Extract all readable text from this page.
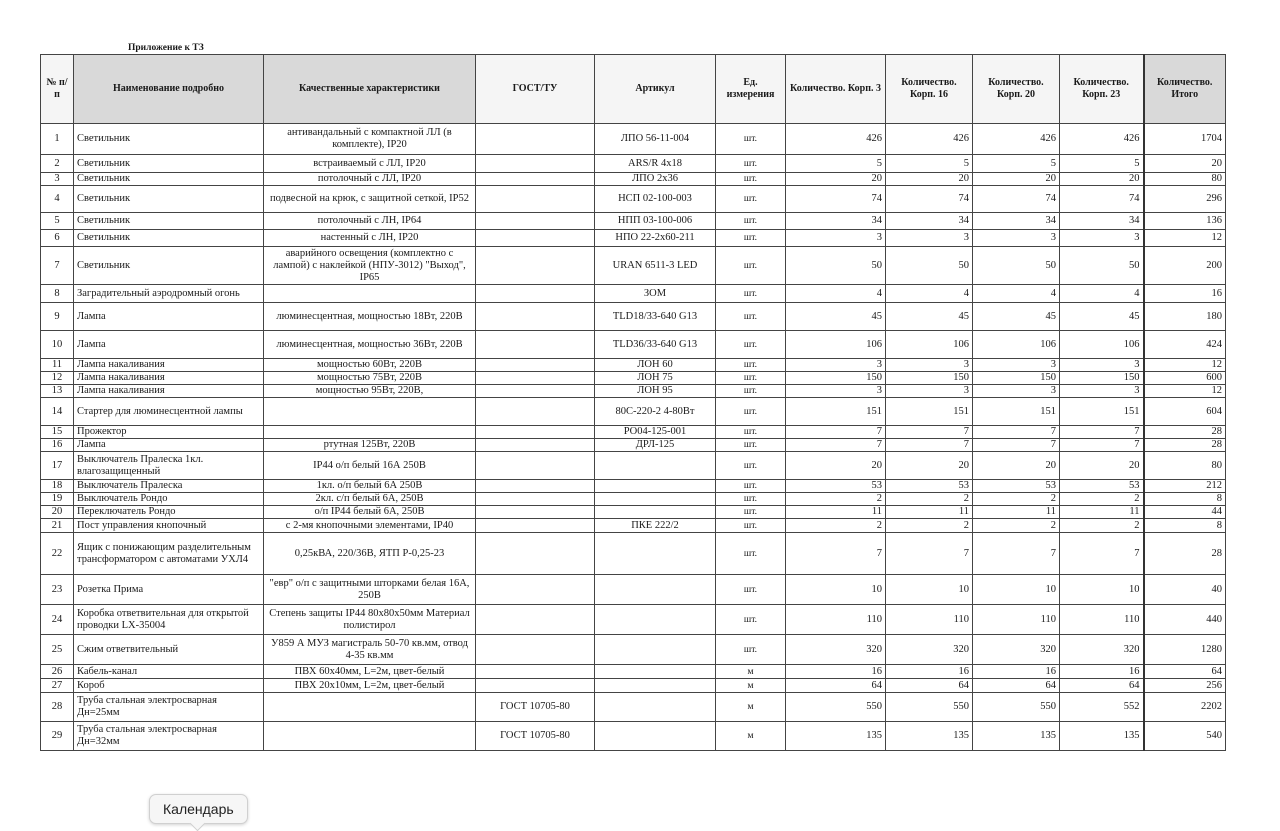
Приложение к ТЗ
№ п/п	Наименование подробно	Качественные характеристики	ГОСТ/ТУ	Артикул	Ед. измерения	Количество. Корп. 3	Количество. Корп. 16	Количество. Корп. 20	Количество. Корп. 23	Количество. Итого
1	Светильник	антивандальный с компактной ЛЛ (в комплекте), IP20		ЛПО 56-11-004	шт.	426	426	426	426	1704
2	Светильник	встраиваемый с ЛЛ, IP20		ARS/R 4x18	шт.	5	5	5	5	20
3	Светильник	потолочный с ЛЛ, IP20		ЛПО 2х36	шт.	20	20	20	20	80
4	Светильник	подвесной на крюк, с защитной сеткой, IP52		НСП 02-100-003	шт.	74	74	74	74	296
5	Светильник	потолочный с ЛН, IP64		НПП 03-100-006	шт.	34	34	34	34	136
6	Светильник	настенный с ЛН, IP20		НПО 22-2х60-211	шт.	3	3	3	3	12
7	Светильник	аварийного освещения (комплектно с лампой) с наклейкой (НПУ-3012) "Выход", IP65		URAN 6511-3 LED	шт.	50	50	50	50	200
8	Заградительный аэродромный огонь			ЗОМ	шт.	4	4	4	4	16
9	Лампа	люминесцентная, мощностью 18Вт, 220В		TLD18/33-640 G13	шт.	45	45	45	45	180
10	Лампа	люминесцентная, мощностью 36Вт, 220В		TLD36/33-640 G13	шт.	106	106	106	106	424
11	Лампа накаливания	мощностью 60Вт, 220В		ЛОН 60	шт.	3	3	3	3	12
12	Лампа накаливания	мощностью 75Вт, 220В		ЛОН 75	шт.	150	150	150	150	600
13	Лампа накаливания	мощностью 95Вт, 220В,		ЛОН 95	шт.	3	3	3	3	12
14	Стартер для люминесцентной лампы			80С-220-2 4-80Вт	шт.	151	151	151	151	604
15	Прожектор			РО04-125-001	шт.	7	7	7	7	28
16	Лампа	ртутная 125Вт, 220В		ДРЛ-125	шт.	7	7	7	7	28
17	Выключатель Пралеска 1кл. влагозащищенный	IP44 о/п белый 16А 250В			шт.	20	20	20	20	80
18	Выключатель Пралеска	1кл. о/п белый 6А 250В			шт.	53	53	53	53	212
19	Выключатель Рондо	2кл. с/п белый 6А, 250В			шт.	2	2	2	2	8
20	Переключатель Рондо	о/п IP44 белый 6А, 250В			шт.	11	11	11	11	44
21	Пост управления кнопочный	с 2-мя кнопочными элементами, IP40		ПКЕ 222/2	шт.	2	2	2	2	8
22	Ящик с понижающим разделительным трансформатором с автоматами УХЛ4	0,25кВА, 220/36В, ЯТП Р-0,25-23			шт.	7	7	7	7	28
23	Розетка Прима	"евр" о/п с защитными шторками белая 16А, 250В			шт.	10	10	10	10	40
24	Коробка ответвительная для открытой проводки LX-35004	Степень защиты IP44 80х80х50мм Материал полистирол			шт.	110	110	110	110	440
25	Сжим ответвительный	У859 А МУЗ магистраль 50-70 кв.мм, отвод 4-35 кв.мм			шт.	320	320	320	320	1280
26	Кабель-канал	ПВХ 60х40мм, L=2м, цвет-белый			м	16	16	16	16	64
27	Короб	ПВХ 20х10мм, L=2м, цвет-белый			м	64	64	64	64	256
28	Труба стальная электросварная Дн=25мм		ГОСТ 10705-80		м	550	550	550	552	2202
29	Труба стальная электросварная Дн=32мм		ГОСТ 10705-80		м	135	135	135	135	540
Календарь
